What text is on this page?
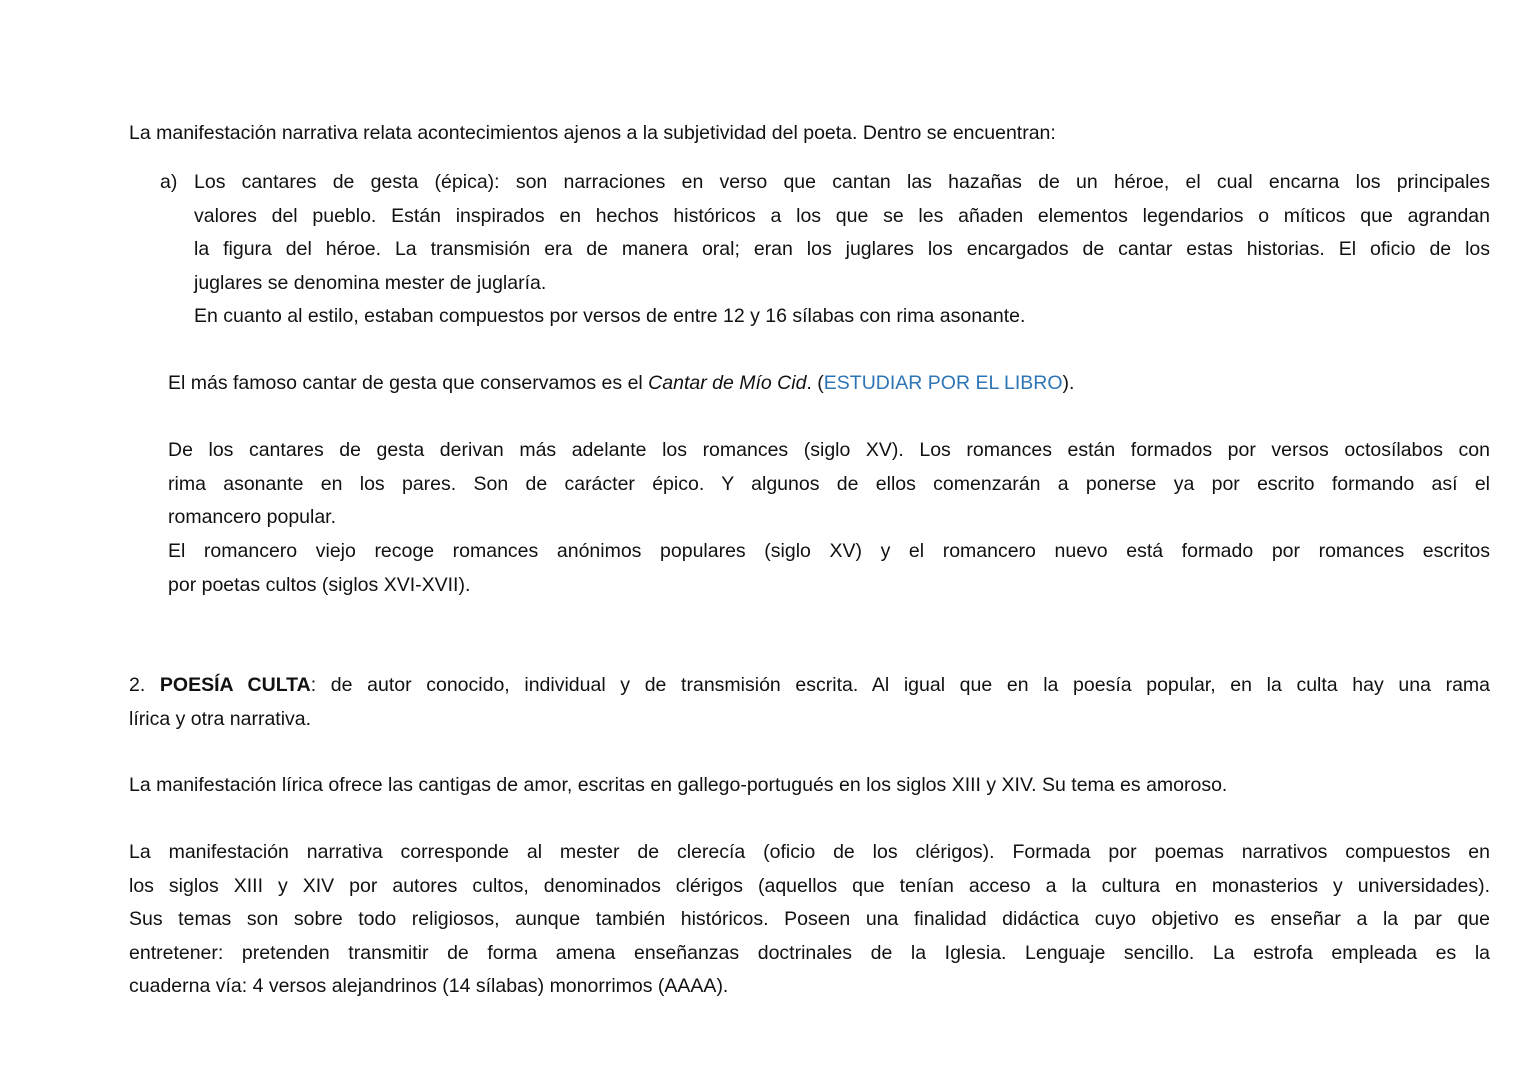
La manifestación narrativa relata acontecimientos ajenos a la subjetividad del poeta. Dentro se encuentran:
a) Los cantares de gesta (épica): son narraciones en verso que cantan las hazañas de un héroe, el cual encarna los principales
valores del pueblo. Están inspirados en hechos históricos a los que se les añaden elementos legendarios o míticos que agrandan
la figura del héroe. La transmisión era de manera oral; eran los juglares los encargados de cantar estas historias. El oficio de los
juglares se denomina mester de juglaría.
En cuanto al estilo, estaban compuestos por versos de entre 12 y 16 sílabas con rima asonante.
El más famoso cantar de gesta que conservamos es el Cantar de Mío Cid. (ESTUDIAR POR EL LIBRO).
De los cantares de gesta derivan más adelante los romances (siglo XV). Los romances están formados por versos octosílabos con
rima asonante en los pares. Son de carácter épico. Y algunos de ellos comenzarán a ponerse ya por escrito formando así el
romancero popular.
El romancero viejo recoge romances anónimos populares (siglo XV) y el romancero nuevo está formado por romances escritos
por poetas cultos (siglos XVI-XVII).
2. POESÍA CULTA: de autor conocido, individual y de transmisión escrita. Al igual que en la poesía popular, en la culta hay una rama
lírica y otra narrativa.
La manifestación lírica ofrece las cantigas de amor, escritas en gallego-portugués en los siglos XIII y XIV. Su tema es amoroso.
La manifestación narrativa corresponde al mester de clerecía (oficio de los clérigos). Formada por poemas narrativos compuestos en
los siglos XIII y XIV por autores cultos, denominados clérigos (aquellos que tenían acceso a la cultura en monasterios y universidades).
Sus temas son sobre todo religiosos, aunque también históricos. Poseen una finalidad didáctica cuyo objetivo es enseñar a la par que
entretener: pretenden transmitir de forma amena enseñanzas doctrinales de la Iglesia. Lenguaje sencillo. La estrofa empleada es la
cuaderna vía: 4 versos alejandrinos (14 sílabas) monorrimos (AAAA).
